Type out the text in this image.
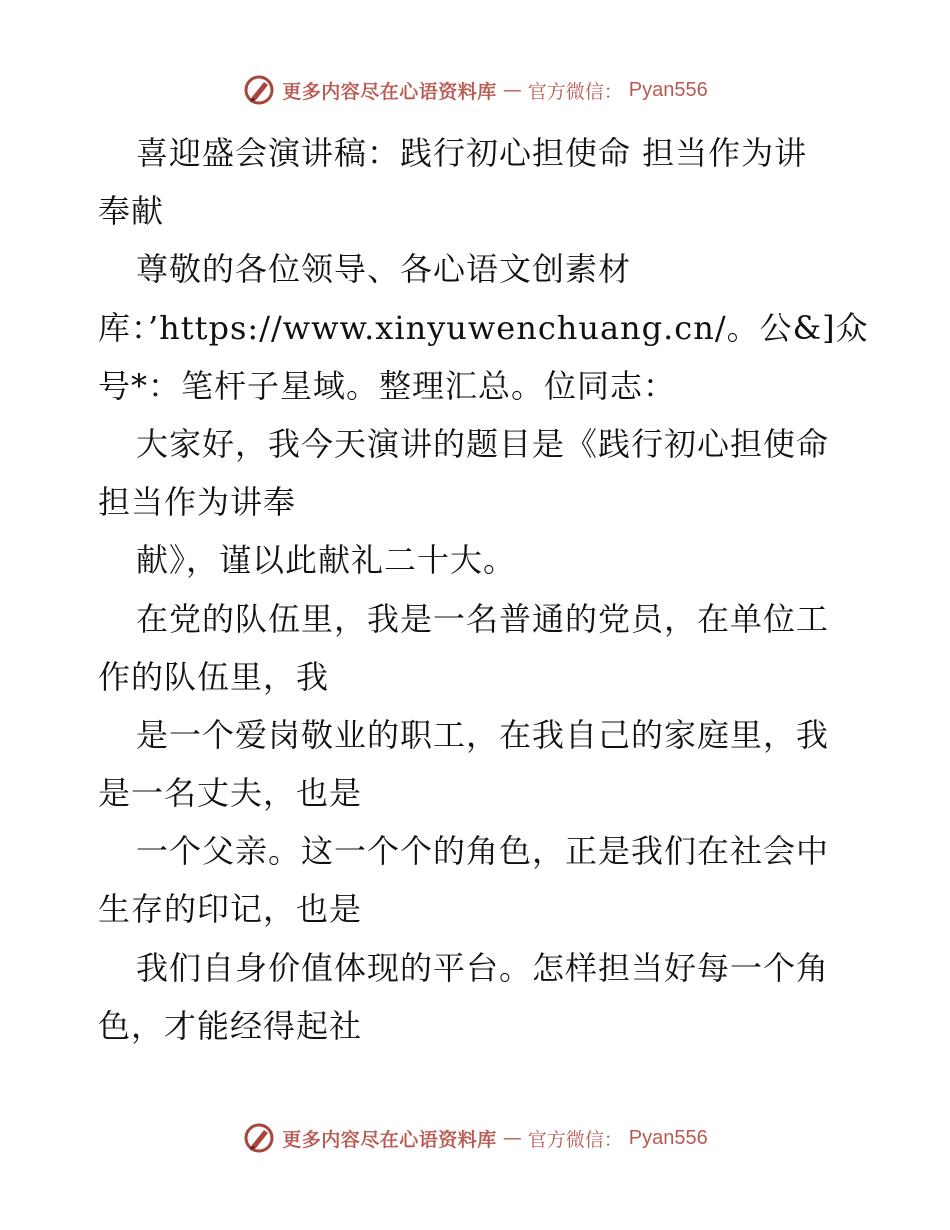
更多内容尽在心语资料库 — 官方微信： Pyan556
喜迎盛会演讲稿：践行初心担使命 担当作为讲
奉献
尊敬的各位领导、各心语文创素材
库：’https://www.xinyuwenchuang.cn/。公&]众
号*：笔杆子星域。整理汇总。位同志：
大家好，我今天演讲的题目是《践行初心担使命
担当作为讲奉
献》，谨以此献礼二十大。
在党的队伍里，我是一名普通的党员，在单位工
作的队伍里，我
是一个爱岗敬业的职工，在我自己的家庭里，我
是一名丈夫，也是
一个父亲。这一个个的角色，正是我们在社会中
生存的印记，也是
我们自身价值体现的平台。怎样担当好每一个角
色，才能经得起社
更多内容尽在心语资料库 — 官方微信： Pyan556
